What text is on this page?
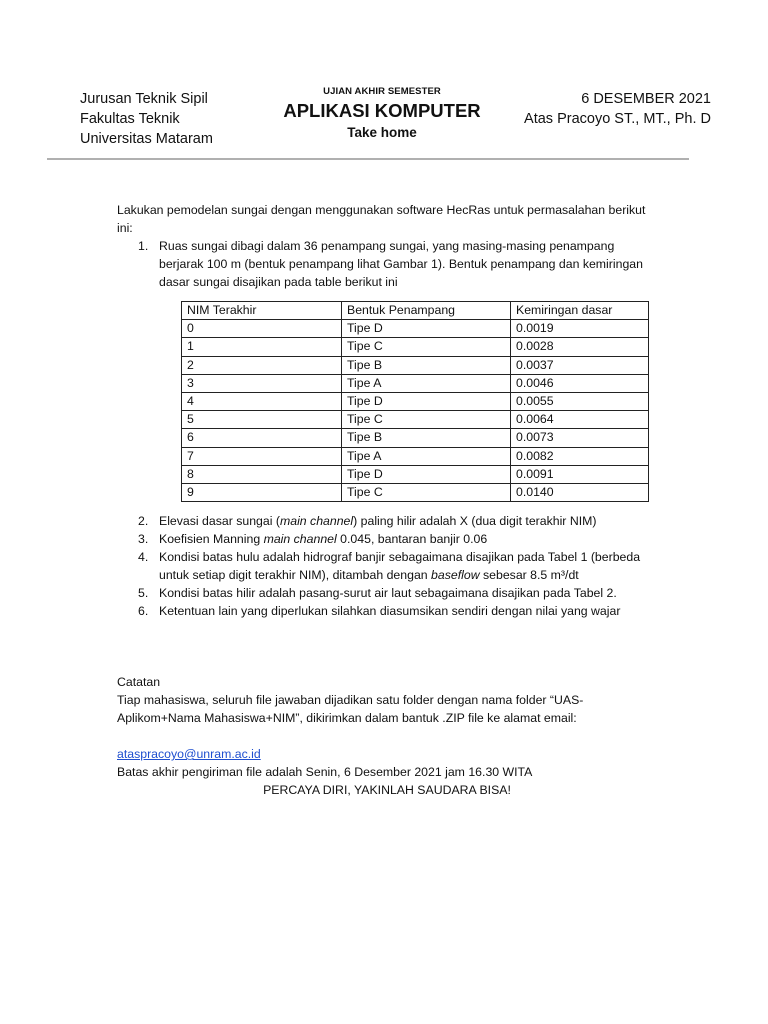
Jurusan Teknik Sipil
Fakultas Teknik
Universitas Mataram
UJIAN AKHIR SEMESTER
APLIKASI KOMPUTER
Take home
6 DESEMBER 2021
Atas Pracoyo ST., MT., Ph. D

Lakukan pemodelan sungai dengan menggunakan software HecRas untuk permasalahan berikut ini:

1. Ruas sungai dibagi dalam 36 penampang sungai, yang masing-masing penampang berjarak 100 m (bentuk penampang lihat Gambar 1). Bentuk penampang dan kemiringan dasar sungai disajikan pada table berikut ini
NIM Terakhir	Bentuk Penampang	Kemiringan dasar
0	Tipe D	0.0019
1	Tipe C	0.0028
2	Tipe B	0.0037
3	Tipe A	0.0046
4	Tipe D	0.0055
5	Tipe C	0.0064
6	Tipe B	0.0073
7	Tipe A	0.0082
8	Tipe D	0.0091
9	Tipe C	0.0140
2. Elevasi dasar sungai (main channel) paling hilir adalah X (dua digit terakhir NIM)
3. Koefisien Manning main channel 0.045, bantaran banjir 0.06
4. Kondisi batas hulu adalah hidrograf banjir sebagaimana disajikan pada Tabel 1 (berbeda untuk setiap digit terakhir NIM), ditambah dengan baseflow sebesar 8.5 m³/dt
5. Kondisi batas hilir adalah pasang-surut air laut sebagaimana disajikan pada Tabel 2.
6. Ketentuan lain yang diperlukan silahkan diasumsikan sendiri dengan nilai yang wajar

Catatan

Tiap mahasiswa, seluruh file jawaban dijadikan satu folder dengan nama folder “UAS-Aplikom+Nama Mahasiswa+NIM”, dikirimkan dalam bantuk .ZIP file ke alamat email:

ataspracoyo@unram.ac.id

Batas akhir pengiriman file adalah Senin, 6 Desember 2021 jam 16.30 WITA

PERCAYA DIRI, YAKINLAH SAUDARA BISA!
